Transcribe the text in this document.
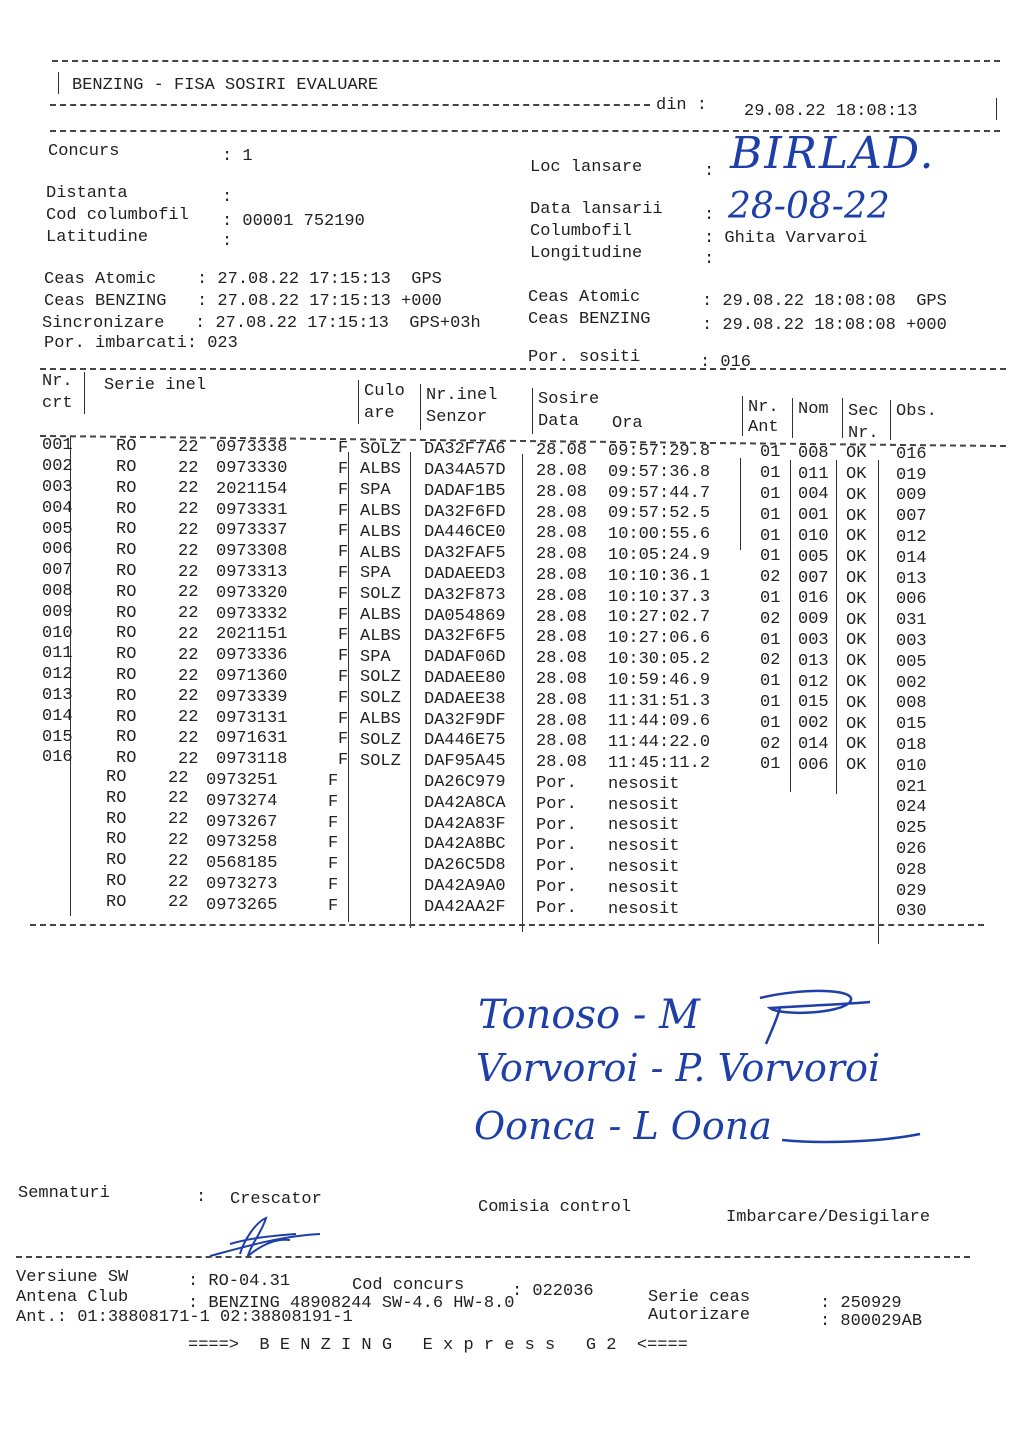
BENZING - FISA SOSIRI EVALUARE
din : 29.08.22 18:08:13
Concurs	: 1
Distanta	:
Cod columbofil : 00001 752190
Latitudine	:
Loc lansare	: BIRLAD.
Data lansarii : 28-08-22
Columbofil	: Ghita Varvaroi
Longitudine	:
Ceas Atomic    : 27.08.22 17:15:13  GPS
Ceas BENZING   : 27.08.22 17:15:13 +000
Sincronizare   : 27.08.22 17:15:13  GPS+03h
Por. imbarcati: 023
Ceas Atomic	: 29.08.22 18:08:08  GPS
Ceas BENZING	: 29.08.22 18:08:08 +000
Por. sositi	: 016
Nr.
crt
Serie inel	Culo
are
Nr.inel
Senzor
Sosire
Data Ora
Nr.
Ant
Nom Sec
Nr.
Obs.
001	RO 22 0973338	F SOLZ DA32F7A6 28.08 09:57:29.8	01 008 OK 016
002	RO 22 0973330	F ALBS DA34A57D 28.08 09:57:36.8	01 011 OK 019
003	RO 22 2021154	F SPA DADAF1B5 28.08 09:57:44.7	01 004 OK 009
004	RO 22 0973331	F ALBS DA32F6FD 28.08 09:57:52.5	01 001 OK 007
005	RO 22 0973337	F ALBS DA446CE0 28.08 10:00:55.6	01 010 OK 012
006	RO 22 0973308	F ALBS DA32FAF5 28.08 10:05:24.9	01 005 OK 014
007	RO 22 0973313	F SPA DADAEED3 28.08 10:10:36.1	02 007 OK 013
008	RO 22 0973320	F SOLZ DA32F873 28.08 10:10:37.3	01 016 OK 006
009	RO 22 0973332	F ALBS DA054869 28.08 10:27:02.7	02 009 OK 031
010	RO 22 2021151	F ALBS DA32F6F5 28.08 10:27:06.6	01 003 OK 003
011	RO 22 0973336	F SPA DADAF06D 28.08 10:30:05.2	02 013 OK 005
012	RO 22 0971360	F SOLZ DADAEE80 28.08 10:59:46.9	01 012 OK 002
013	RO 22 0973339	F SOLZ DADAEE38 28.08 11:31:51.3	01 015 OK 008
014	RO 22 0973131	F ALBS DA32F9DF 28.08 11:44:09.6	01 002 OK 015
015	RO 22 0971631	F SOLZ DA446E75 28.08 11:44:22.0	02 014 OK 018
016	RO 22 0973118	F SOLZ DAF95A45 28.08 11:45:11.2	01 006 OK 010
RO 22 0973251	F	DA26C979 Por. nesosit	021
RO 22 0973274	F	DA42A8CA Por. nesosit	024
RO 22 0973267	F	DA42A83F Por. nesosit	025
RO 22 0973258	F	DA42A8BC Por. nesosit	026
RO 22 0568185	F	DA26C5D8 Por. nesosit	028
RO 22 0973273	F	DA42A9A0 Por. nesosit	029
RO 22 0973265	F	DA42AA2F Por. nesosit	030
Tonoso - M
Vorvoroi - P. Vorvoroi
Oonca - L Oona
Semnaturi	: Crescator	Comisia control
Imbarcare/Desigilare
Versiune SW	: RO-04.31	Cod concurs	: 022036	Serie ceas	: 250929
Antena Club	: BENZING 48908244 SW-4.6 HW-8.0
Autorizare	: 800029AB
Ant.: 01:38808171-1 02:38808191-1
====>  B E N Z I N G   E x p r e s s   G 2  <====
